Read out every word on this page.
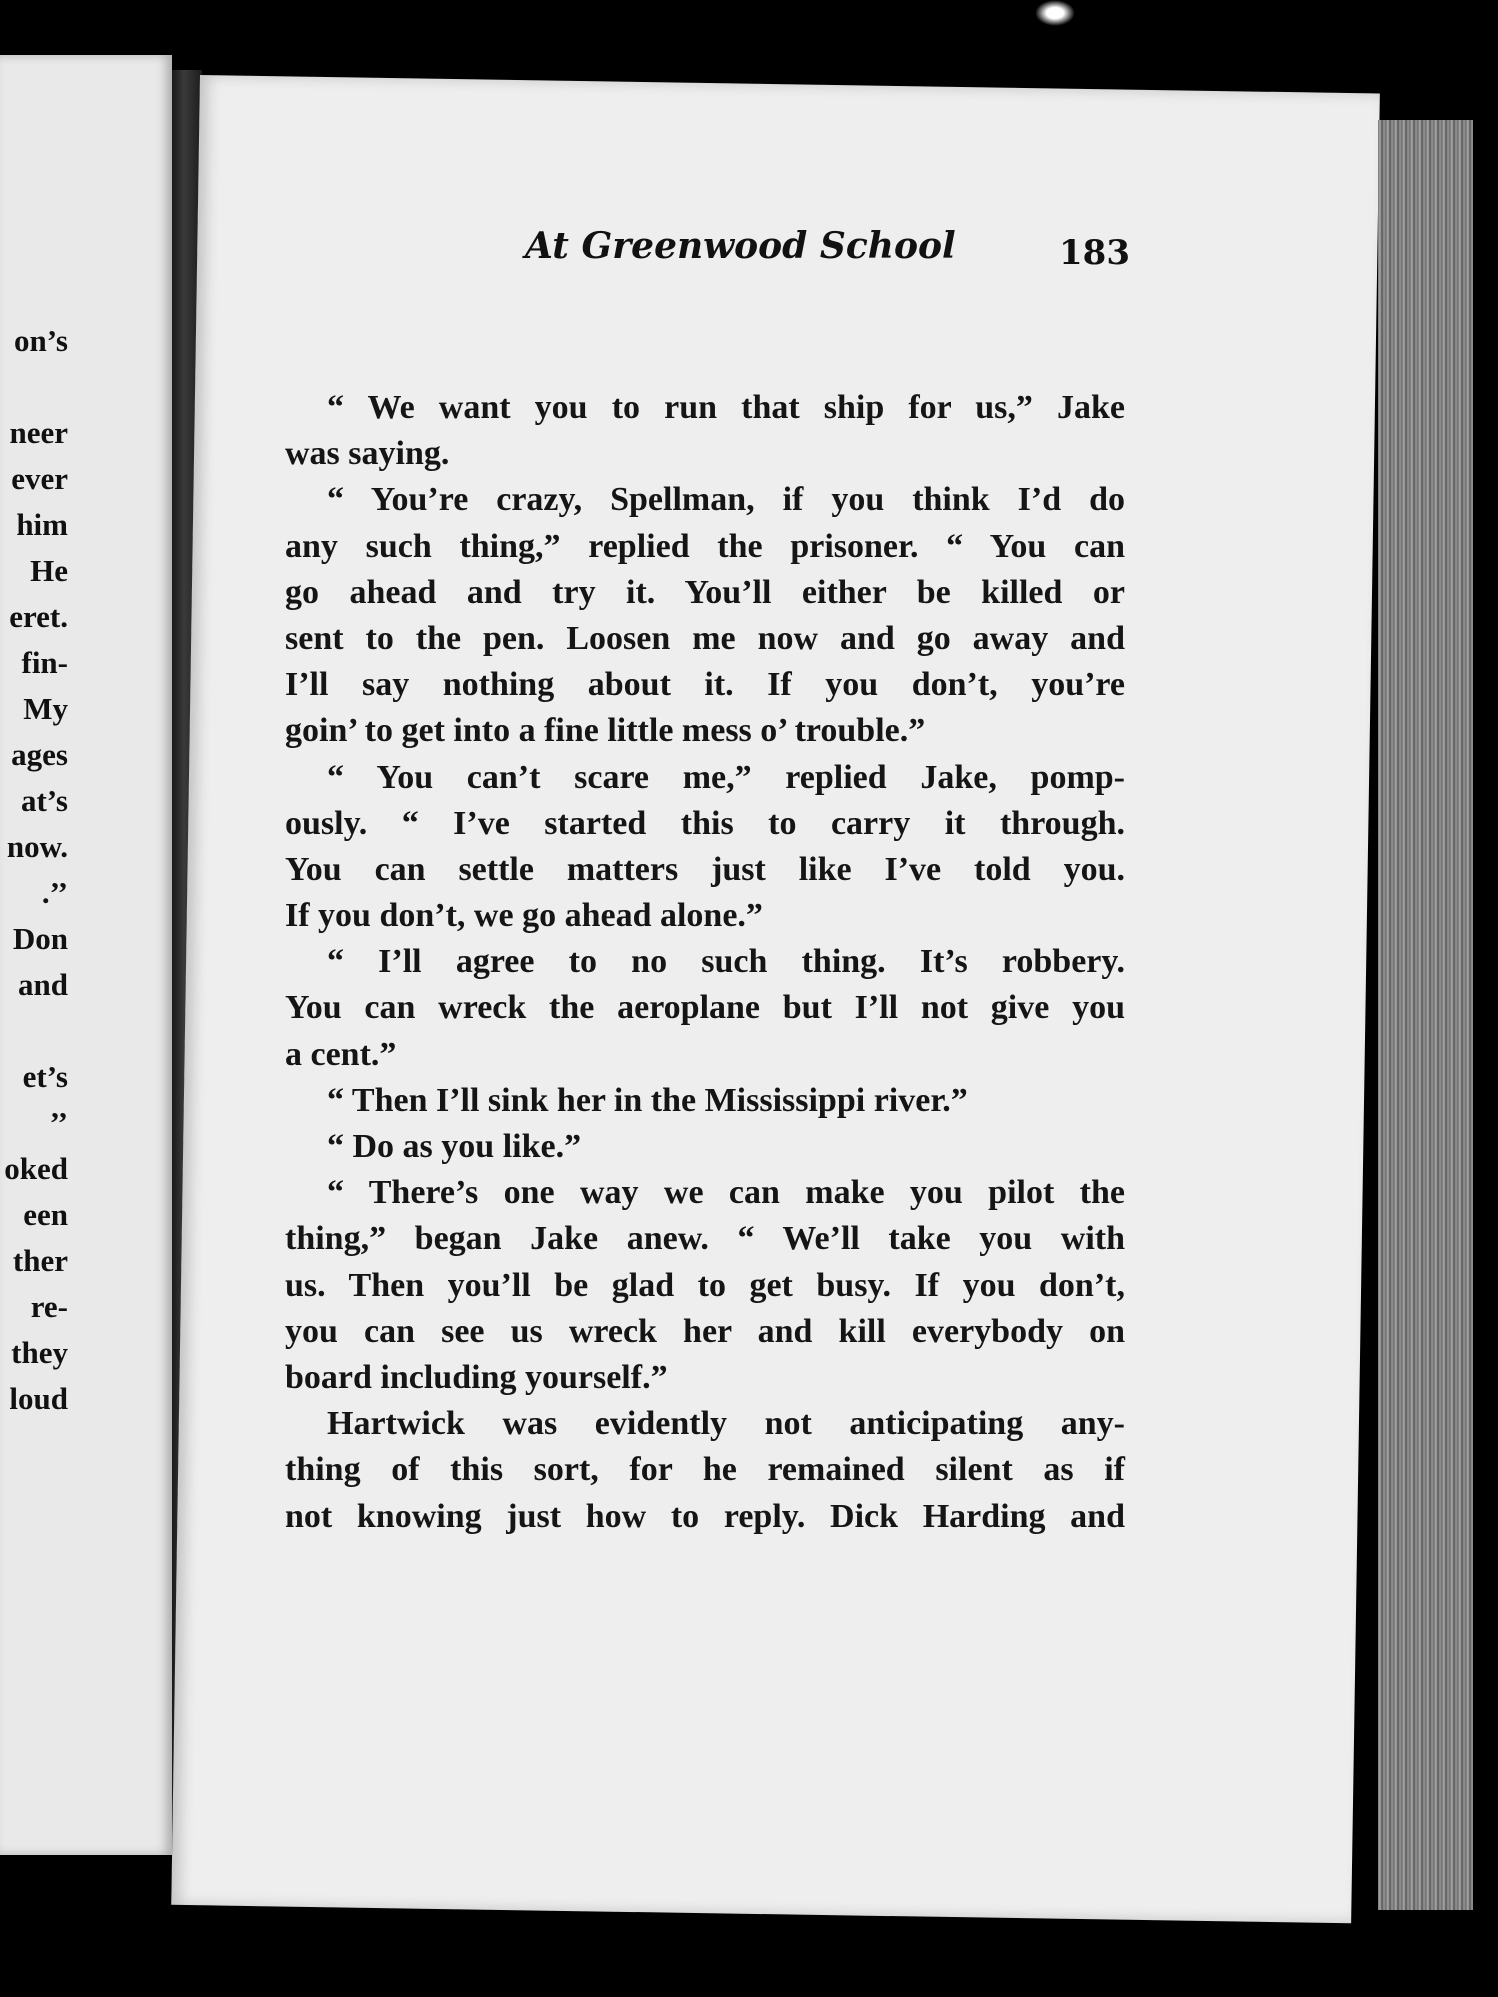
on’s
neer
ever
him
He
eret.
fin-
My
ages
at’s
now.
.’’
Don
and
et’s
’’
oked
een
ther
re-
they
loud
At Greenwood School	183
“ We want you to run that ship for us,” Jake
was saying.
“ You’re crazy, Spellman, if you think I’d do
any such thing,” replied the prisoner. “ You can
go ahead and try it. You’ll either be killed or
sent to the pen. Loosen me now and go away and
I’ll say nothing about it. If you don’t, you’re
goin’ to get into a fine little mess o’ trouble.”
“ You can’t scare me,” replied Jake, pomp-
ously. “ I’ve started this to carry it through.
You can settle matters just like I’ve told you.
If you don’t, we go ahead alone.”
“ I’ll agree to no such thing. It’s robbery.
You can wreck the aeroplane but I’ll not give you
a cent.”
“ Then I’ll sink her in the Mississippi river.”
“ Do as you like.”
“ There’s one way we can make you pilot the
thing,” began Jake anew. “ We’ll take you with
us. Then you’ll be glad to get busy. If you don’t,
you can see us wreck her and kill everybody on
board including yourself.”
Hartwick was evidently not anticipating any-
thing of this sort, for he remained silent as if
not knowing just how to reply. Dick Harding and
